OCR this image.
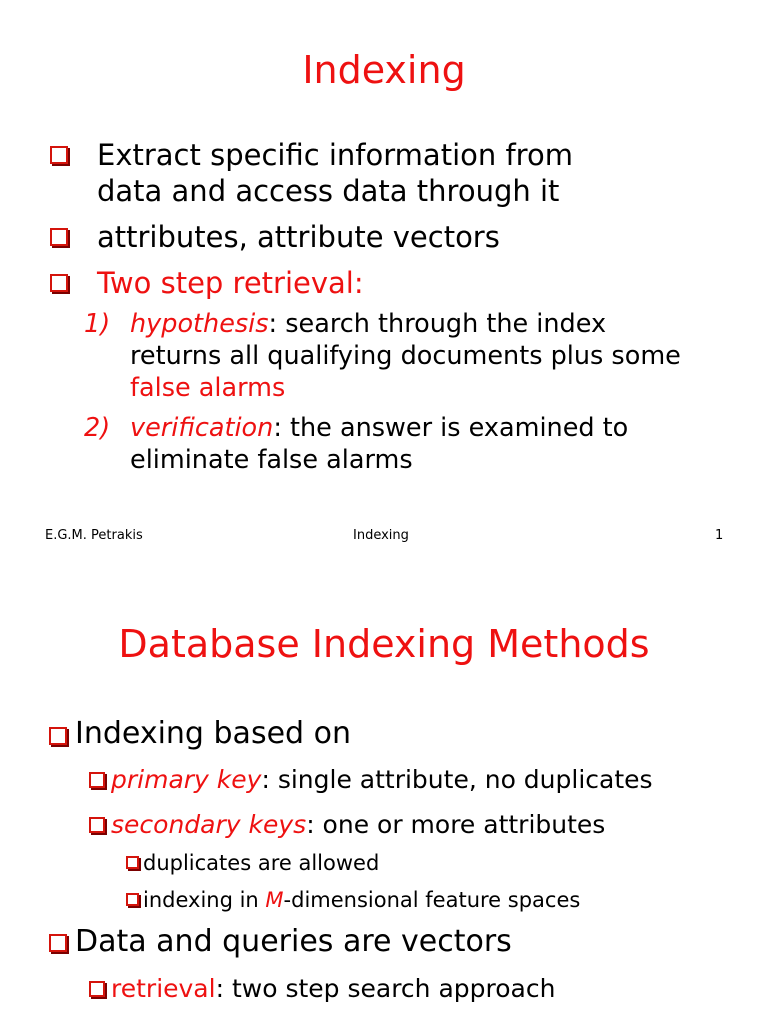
Indexing

Extract specific information from

data and access data through it

attributes, attribute vectors

Two step retrieval:

1) hypothesis: search through the index

returns all qualifying documents plus some

false alarms

2) verification: the answer is examined to

eliminate false alarms

E.G.M. Petrakis	Indexing	1
Database Indexing Methods

Indexing based on

primary key: single attribute, no duplicates

secondary keys: one or more attributes

duplicates are allowed

indexing in M-dimensional feature spaces

Data and queries are vectors

retrieval: two step search approach
